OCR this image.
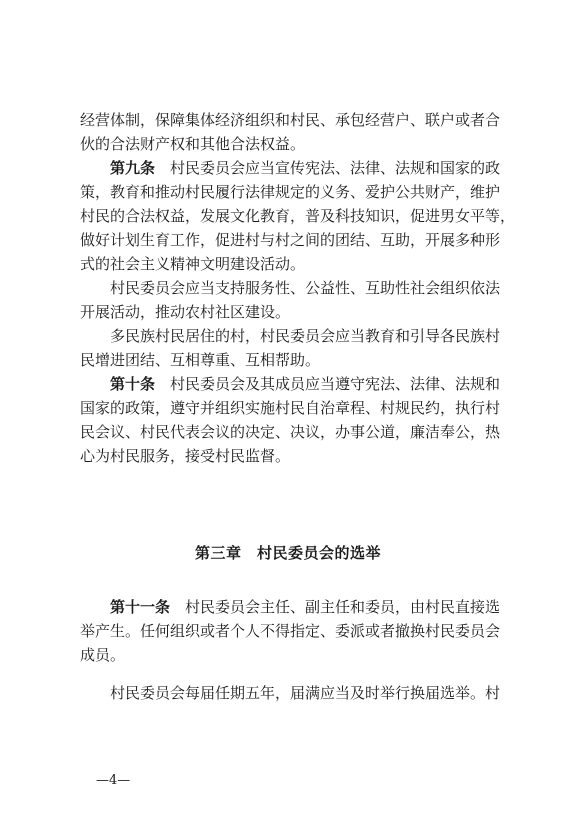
经营体制，保障集体经济组织和村民、承包经营户、联户或者合
伙的合法财产权和其他合法权益。
第九条　 村民委员会应当宣传宪法、法律、法规和国家的政
策，教育和推动村民履行法律规定的义务、爱护公共财产，维护
村民的合法权益，发展文化教育，普及科技知识，促进男女平等，
做好计划生育工作，促进村与村之间的团结、互助，开展多种形
式的社会主义精神文明建设活动。
村民委员会应当支持服务性、公益性、互助性社会组织依法
开展活动，推动农村社区建设。
多民族村民居住的村，村民委员会应当教育和引导各民族村
民增进团结、互相尊重、互相帮助。
第十条　 村民委员会及其成员应当遵守宪法、法律、法规和
国家的政策，遵守并组织实施村民自治章程、村规民约，执行村
民会议、村民代表会议的决定、决议，办事公道，廉洁奉公，热
心为村民服务，接受村民监督。
第三章　村民委员会的选举
第十一条　 村民委员会主任、副主任和委员，由村民直接选
举产生。任何组织或者个人不得指定、委派或者撤换村民委员会
成员。
村民委员会每届任期五年，届满应当及时举行换届选举。村
—4—
